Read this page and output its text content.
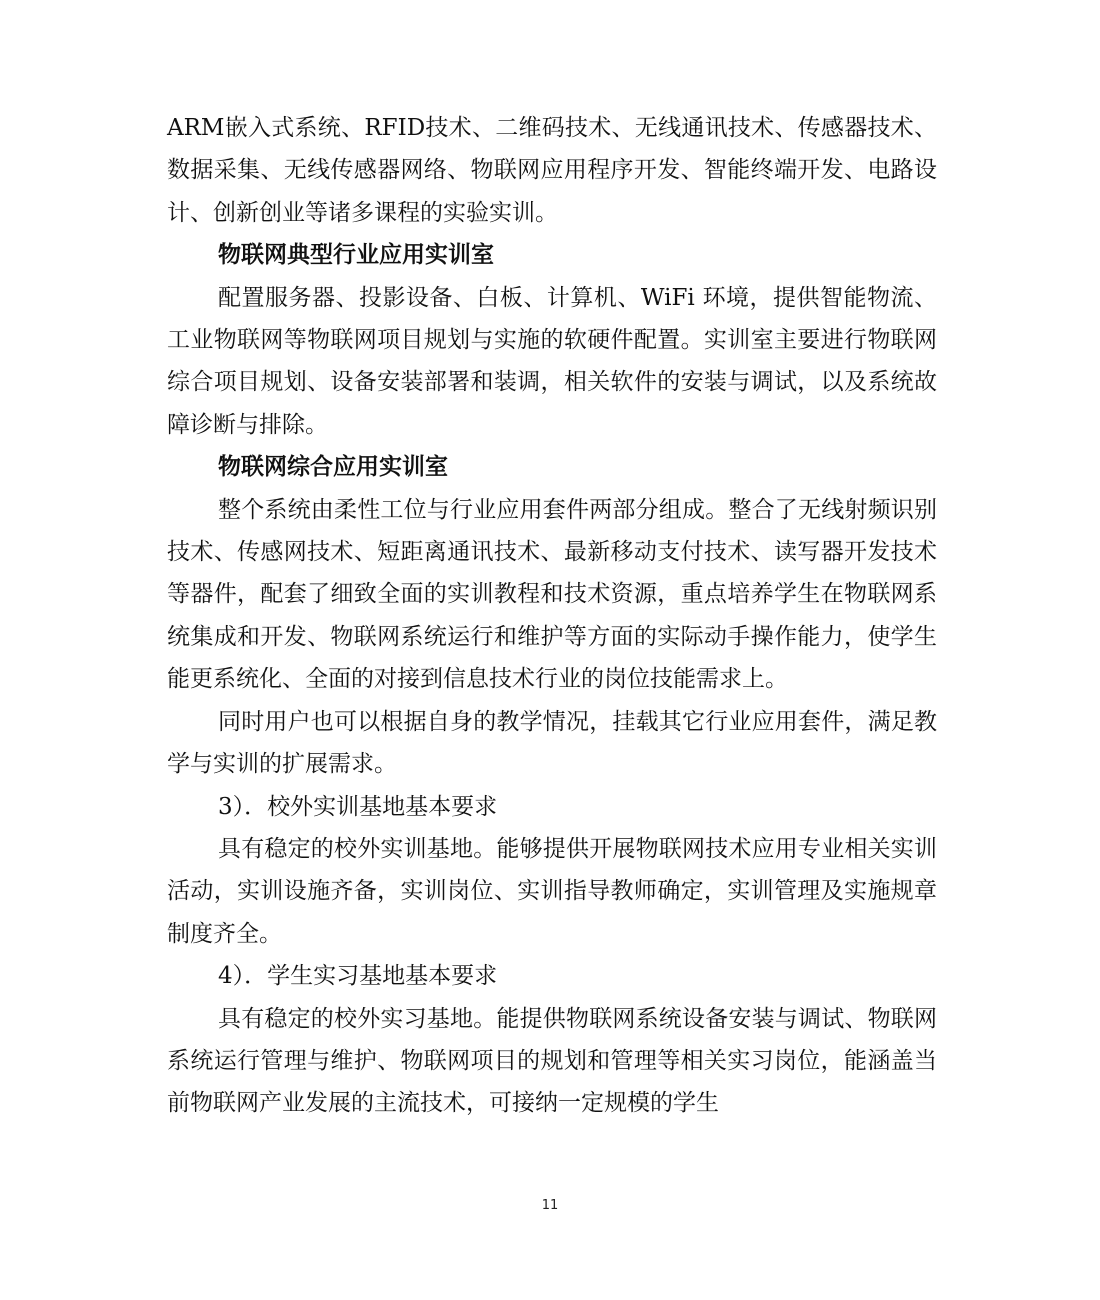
ARM嵌入式系统、RFID技术、二维码技术、无线通讯技术、传感器技术、数据采集、无线传感器网络、物联网应用程序开发、智能终端开发、电路设计、创新创业等诸多课程的实验实训。

物联网典型行业应用实训室

配置服务器、投影设备、白板、计算机、WiFi 环境，提供智能物流、工业物联网等物联网项目规划与实施的软硬件配置。实训室主要进行物联网综合项目规划、设备安装部署和装调，相关软件的安装与调试，以及系统故障诊断与排除。

物联网综合应用实训室

整个系统由柔性工位与行业应用套件两部分组成。整合了无线射频识别技术、传感网技术、短距离通讯技术、最新移动支付技术、读写器开发技术等器件，配套了细致全面的实训教程和技术资源，重点培养学生在物联网系统集成和开发、物联网系统运行和维护等方面的实际动手操作能力，使学生能更系统化、全面的对接到信息技术行业的岗位技能需求上。

同时用户也可以根据自身的教学情况，挂载其它行业应用套件，满足教学与实训的扩展需求。

3）．校外实训基地基本要求

具有稳定的校外实训基地。能够提供开展物联网技术应用专业相关实训活动，实训设施齐备，实训岗位、实训指导教师确定，实训管理及实施规章制度齐全。

4）．学生实习基地基本要求

具有稳定的校外实习基地。能提供物联网系统设备安装与调试、物联网系统运行管理与维护、物联网项目的规划和管理等相关实习岗位，能涵盖当前物联网产业发展的主流技术，可接纳一定规模的学生

11
